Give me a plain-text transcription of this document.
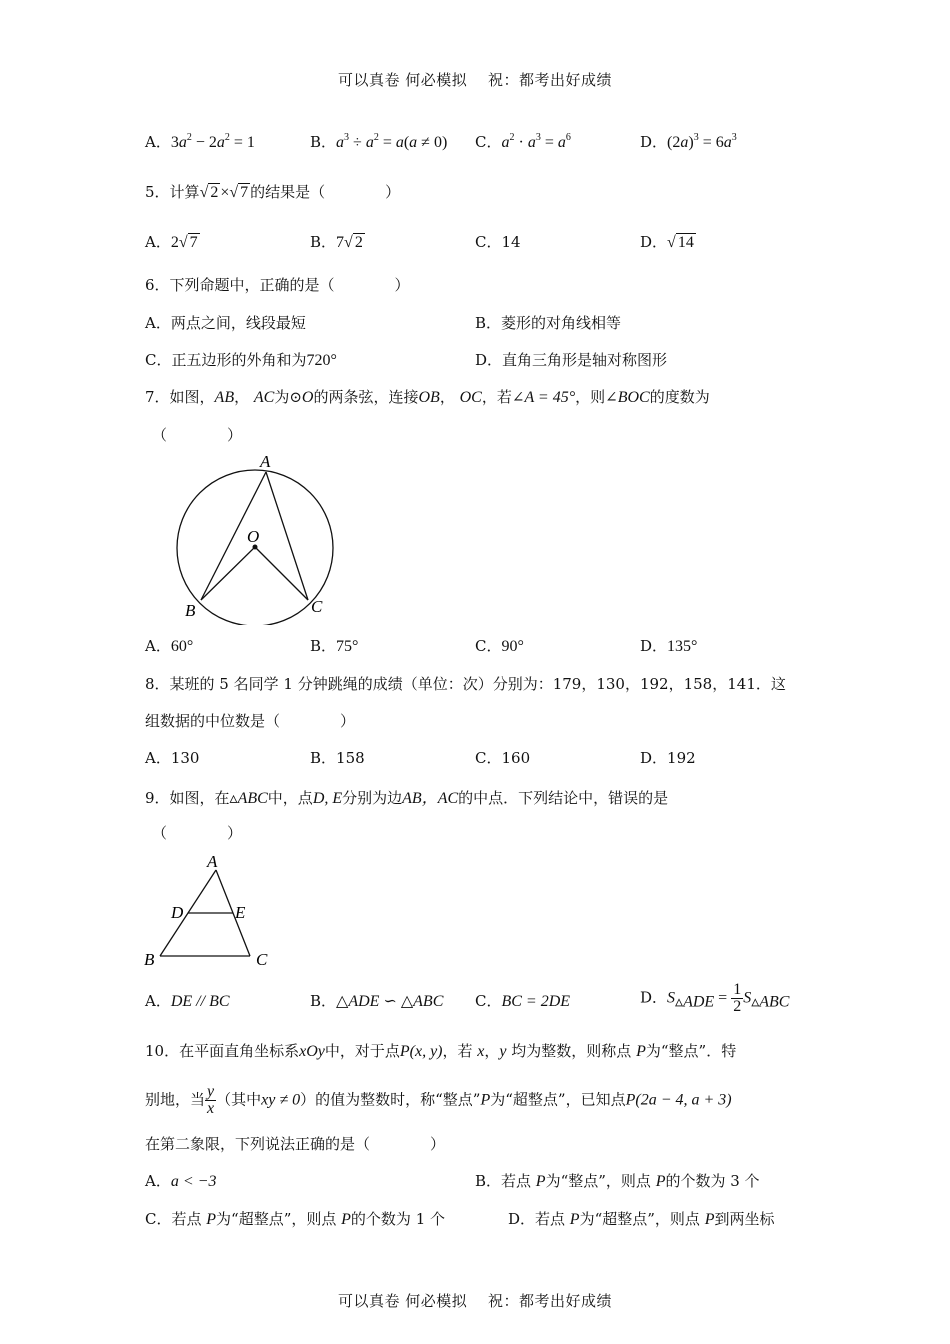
可以真卷 何必模拟　 祝：都考出好成绩
A．$3a^2 - 2a^2 = 1$	B．$a^3 \div a^2 = a(a \ne 0)$ C．$a^2 \cdot a^3 = a^6$	D．$(2a)^3 = 6a^3$
5．计算√ 2 ×√ 7 的结果是（　　　　）
A．2√ 7	B．7√ 2	C．14	D．√ 14
6．下列命题中，正确的是（　　　　）
A．两点之间，线段最短	B．菱形的对角线相等
C．正五边形的外角和为720°	D．直角三角形是轴对称图形
7．如图，AB， AC为⊙O的两条弦，连接OB， OC，若∠A = 45°，则∠BOC的度数为
（　　　　）
A
O
B	C
A．60°	B．75°	C．90°	D．135°
8．某班的 5 名同学 1 分钟跳绳的成绩（单位：次）分别为：179，130，192，158，141．这
组数据的中位数是（　　　　）
A．130	B．158	C．160	D．192
9．如图，在▵ABC中，点D, E分别为边AB，AC的中点．下列结论中，错误的是
（　　　　）
A
D	E
B	C
A．DE // BC	B．△ADE ∽ △ABC C．BC = 2DE	D．$S_{▵ADE} = \frac{1}{2} S_{▵ABC}$
10．在平面直角坐标系xOy中，对于点P(x, y)，若 x，y 均为整数，则称点 P为“整点”．特
别地，当 $\frac{y}{x}$ （其中xy ≠ 0）的值为整数时，称“整点”P为“超整点”，已知点P(2a − 4, a + 3)
在第二象限，下列说法正确的是（　　　　）
A．a < −3	B．若点 P为“整点”，则点 P的个数为 3 个
C．若点 P为“超整点”，则点 P的个数为 1 个	D．若点 P为“超整点”，则点 P到两坐标
可以真卷 何必模拟　 祝：都考出好成绩
